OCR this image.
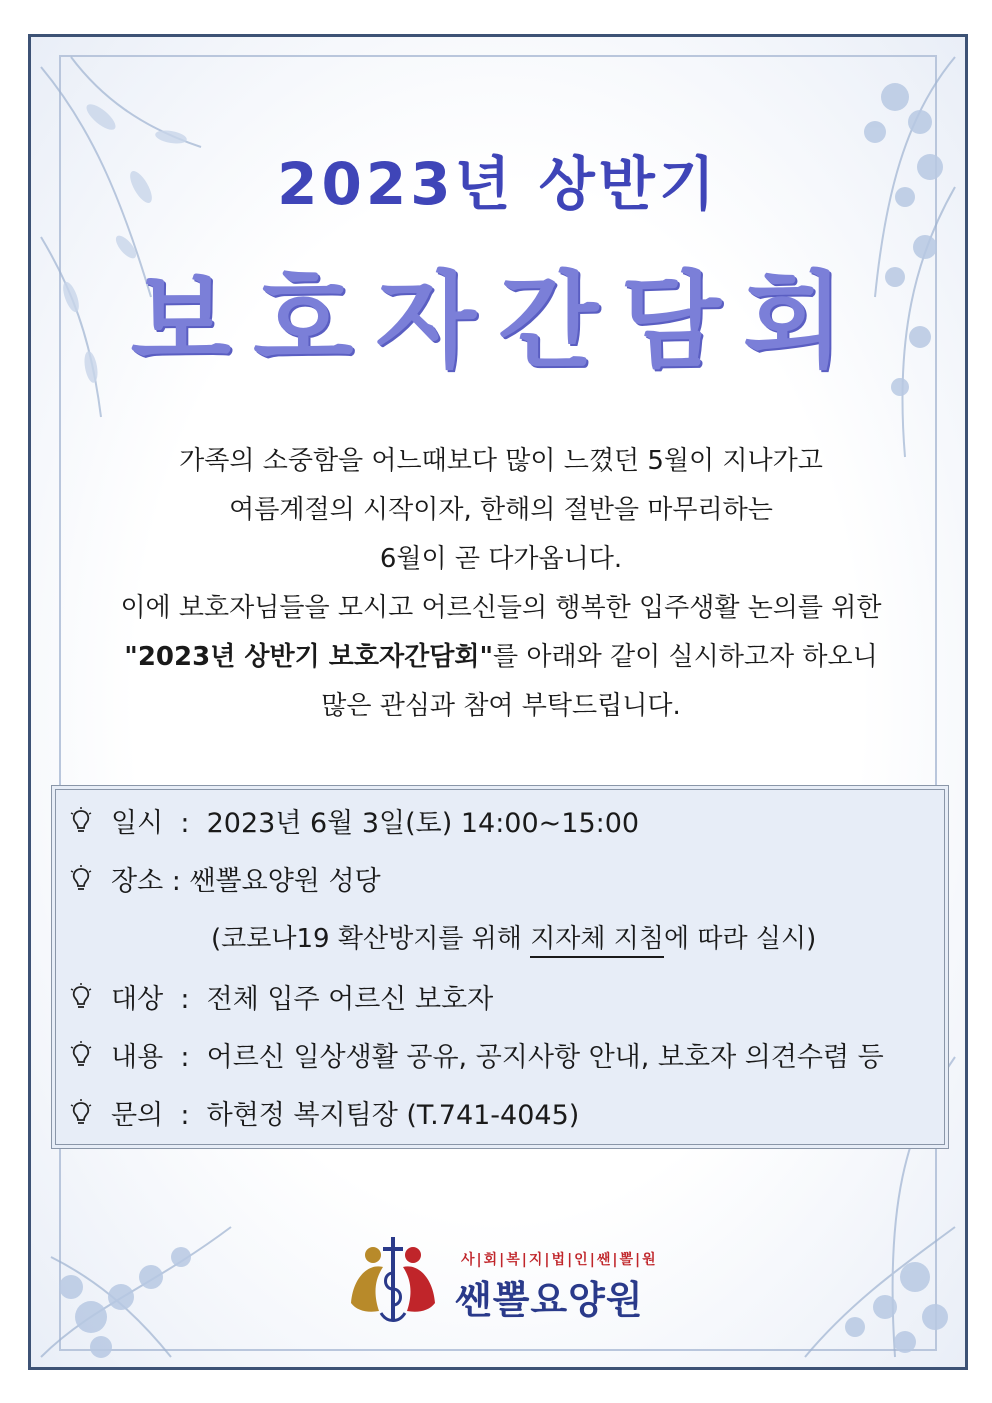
2023년 상반기
보호자간담회
가족의 소중함을 어느때보다 많이 느꼈던 5월이 지나가고
여름계절의 시작이자, 한해의 절반을 마무리하는
6월이 곧 다가옵니다.
이에 보호자님들을 모시고 어르신들의 행복한 입주생활 논의를 위한
"2023년 상반기 보호자간담회"를 아래와 같이 실시하고자 하오니
많은 관심과 참여 부탁드립니다.
일시 : 2023년 6월 3일(토) 14:00~15:00
장소 : 쌘뽈요양원 성당
(코로나19 확산방지를 위해 지자체 지침에 따라 실시)
대상 : 전체 입주 어르신 보호자
내용 : 어르신 일상생활 공유, 공지사항 안내, 보호자 의견수렴 등
문의 : 하현정 복지팀장 (T.741-4045)
사|회|복|지|법|인|쌘|뽈|원
쌘뽈요양원
